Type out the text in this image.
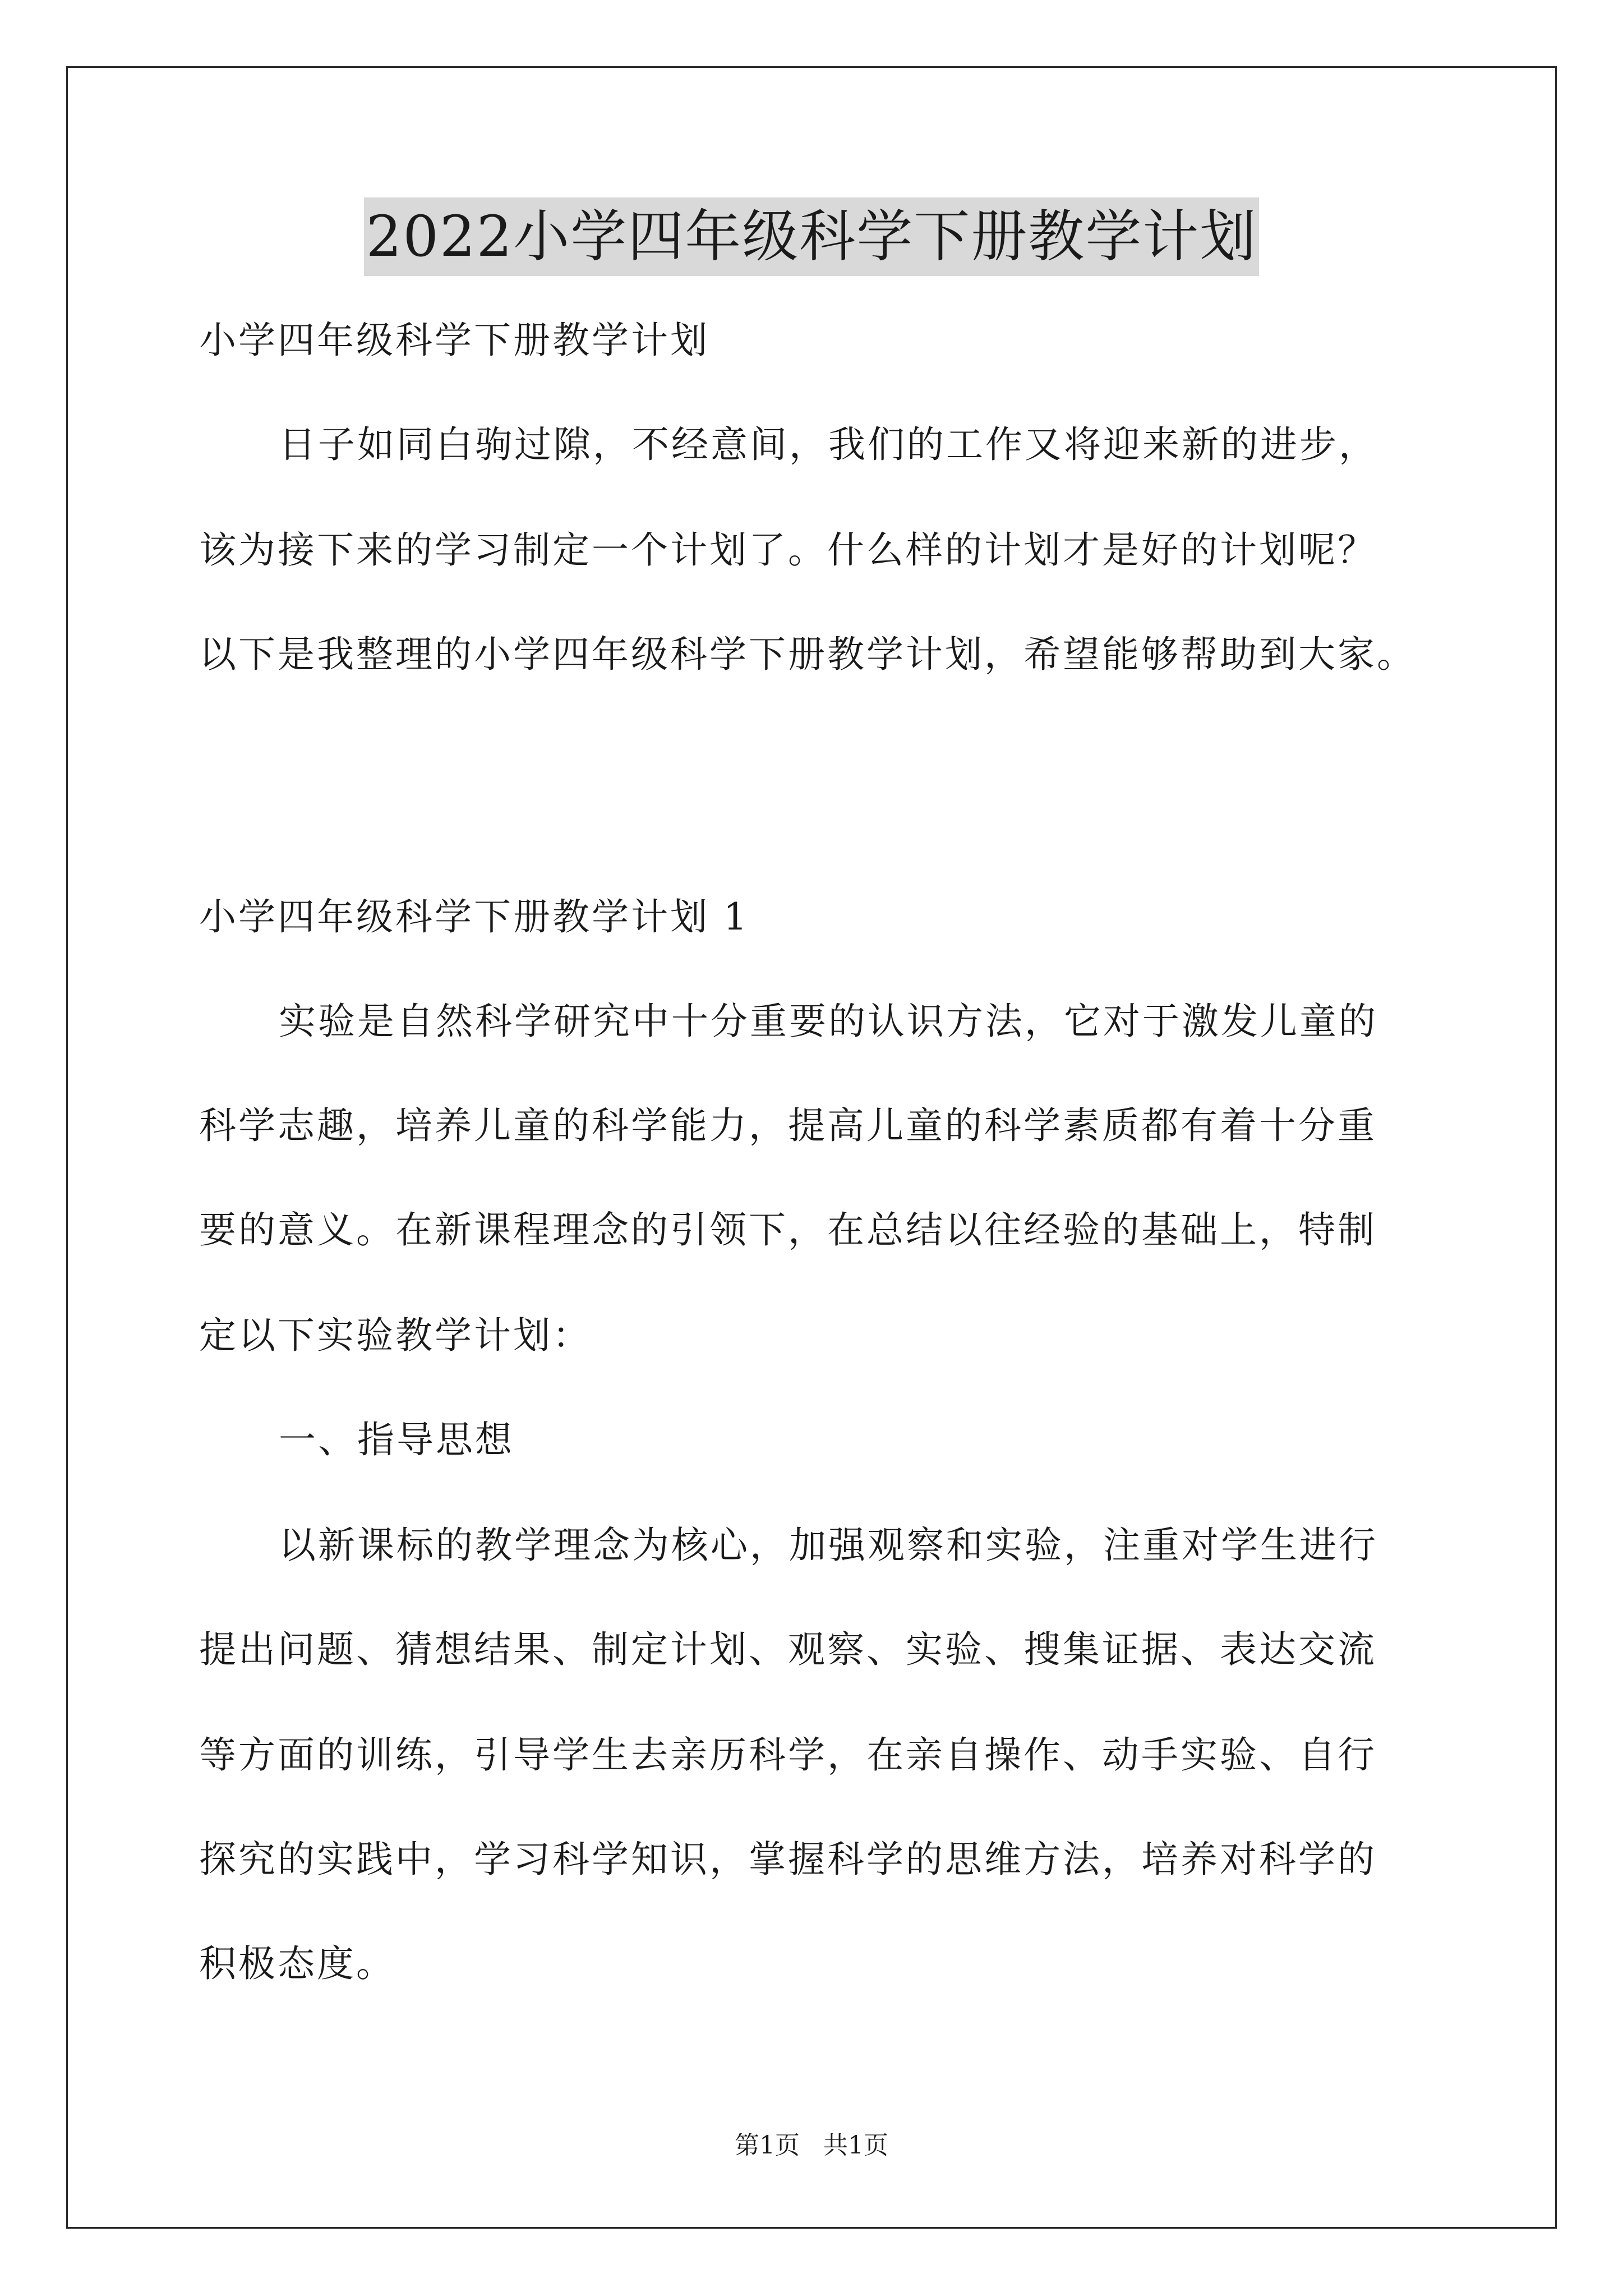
2022小学四年级科学下册教学计划
小学四年级科学下册教学计划
日子如同白驹过隙，不经意间，我们的工作又将迎来新的进步，
该为接下来的学习制定一个计划了。什么样的计划才是好的计划呢？
以下是我整理的小学四年级科学下册教学计划，希望能够帮助到大家。
小学四年级科学下册教学计划 1
实验是自然科学研究中十分重要的认识方法，它对于激发儿童的
科学志趣，培养儿童的科学能力，提高儿童的科学素质都有着十分重
要的意义。在新课程理念的引领下，在总结以往经验的基础上，特制
定以下实验教学计划：
一、指导思想
以新课标的教学理念为核心，加强观察和实验，注重对学生进行
提出问题、猜想结果、制定计划、观察、实验、搜集证据、表达交流
等方面的训练，引导学生去亲历科学，在亲自操作、动手实验、自行
探究的实践中，学习科学知识，掌握科学的思维方法，培养对科学的
积极态度。
第1页   共1页
